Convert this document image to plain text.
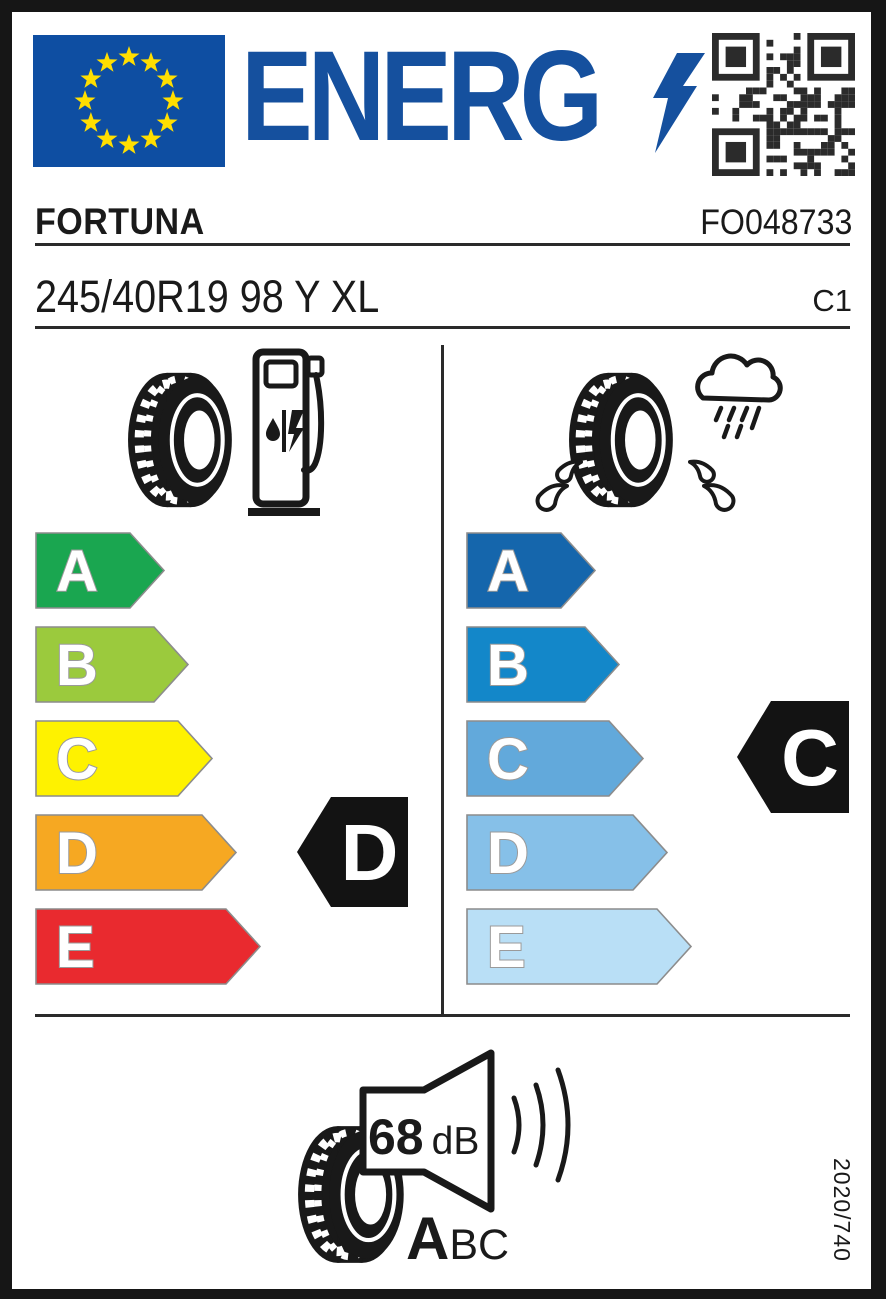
ENERG
FORTUNA	FO048733
245/40R19 98 Y XL	C1
A
B
C
D
E
A
B
C
D
E
D
C
68 dB
ABC	2020/740
